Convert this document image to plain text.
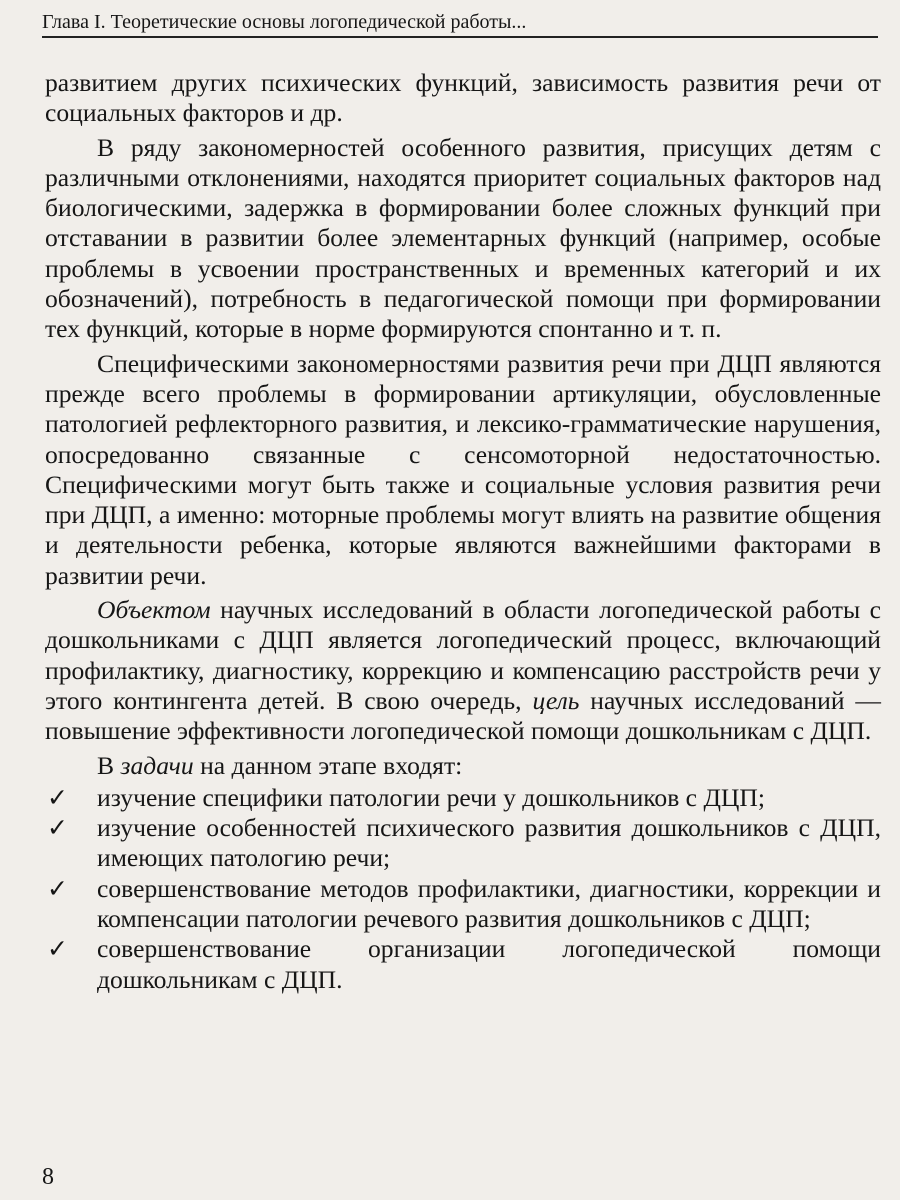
Глава I. Теоретические основы логопедической работы...

развитием других психических функций, зависимость развития речи от социальных факторов и др.

В ряду закономерностей особенного развития, присущих детям с различными отклонениями, находятся приоритет социальных факторов над биологическими, задержка в формировании более сложных функций при отставании в развитии более элементарных функций (например, особые проблемы в усвоении пространственных и временных категорий и их обозначений), потребность в педагогической помощи при формировании тех функций, которые в норме формируются спонтанно и т. п.

Специфическими закономерностями развития речи при ДЦП являются прежде всего проблемы в формировании артикуляции, обусловленные патологией рефлекторного развития, и лексико-грамматические нарушения, опосредованно связанные с сенсомоторной недостаточностью. Специфическими могут быть также и социальные условия развития речи при ДЦП, а именно: моторные проблемы могут влиять на развитие общения и деятельности ребенка, которые являются важнейшими факторами в развитии речи.

Объектом научных исследований в области логопедической работы с дошкольниками с ДЦП является логопедический процесс, включающий профилактику, диагностику, коррекцию и компенсацию расстройств речи у этого контингента детей. В свою очередь, цель научных исследований — повышение эффективности логопедической помощи дошкольникам с ДЦП.

В задачи на данном этапе входят:

✓ изучение специфики патологии речи у дошкольников с ДЦП;
✓ изучение особенностей психического развития дошкольников с ДЦП, имеющих патологию речи;
✓ совершенствование методов профилактики, диагностики, коррекции и компенсации патологии речевого развития дошкольников с ДЦП;
✓ совершенствование организации логопедической помощи дошкольникам с ДЦП.
8
